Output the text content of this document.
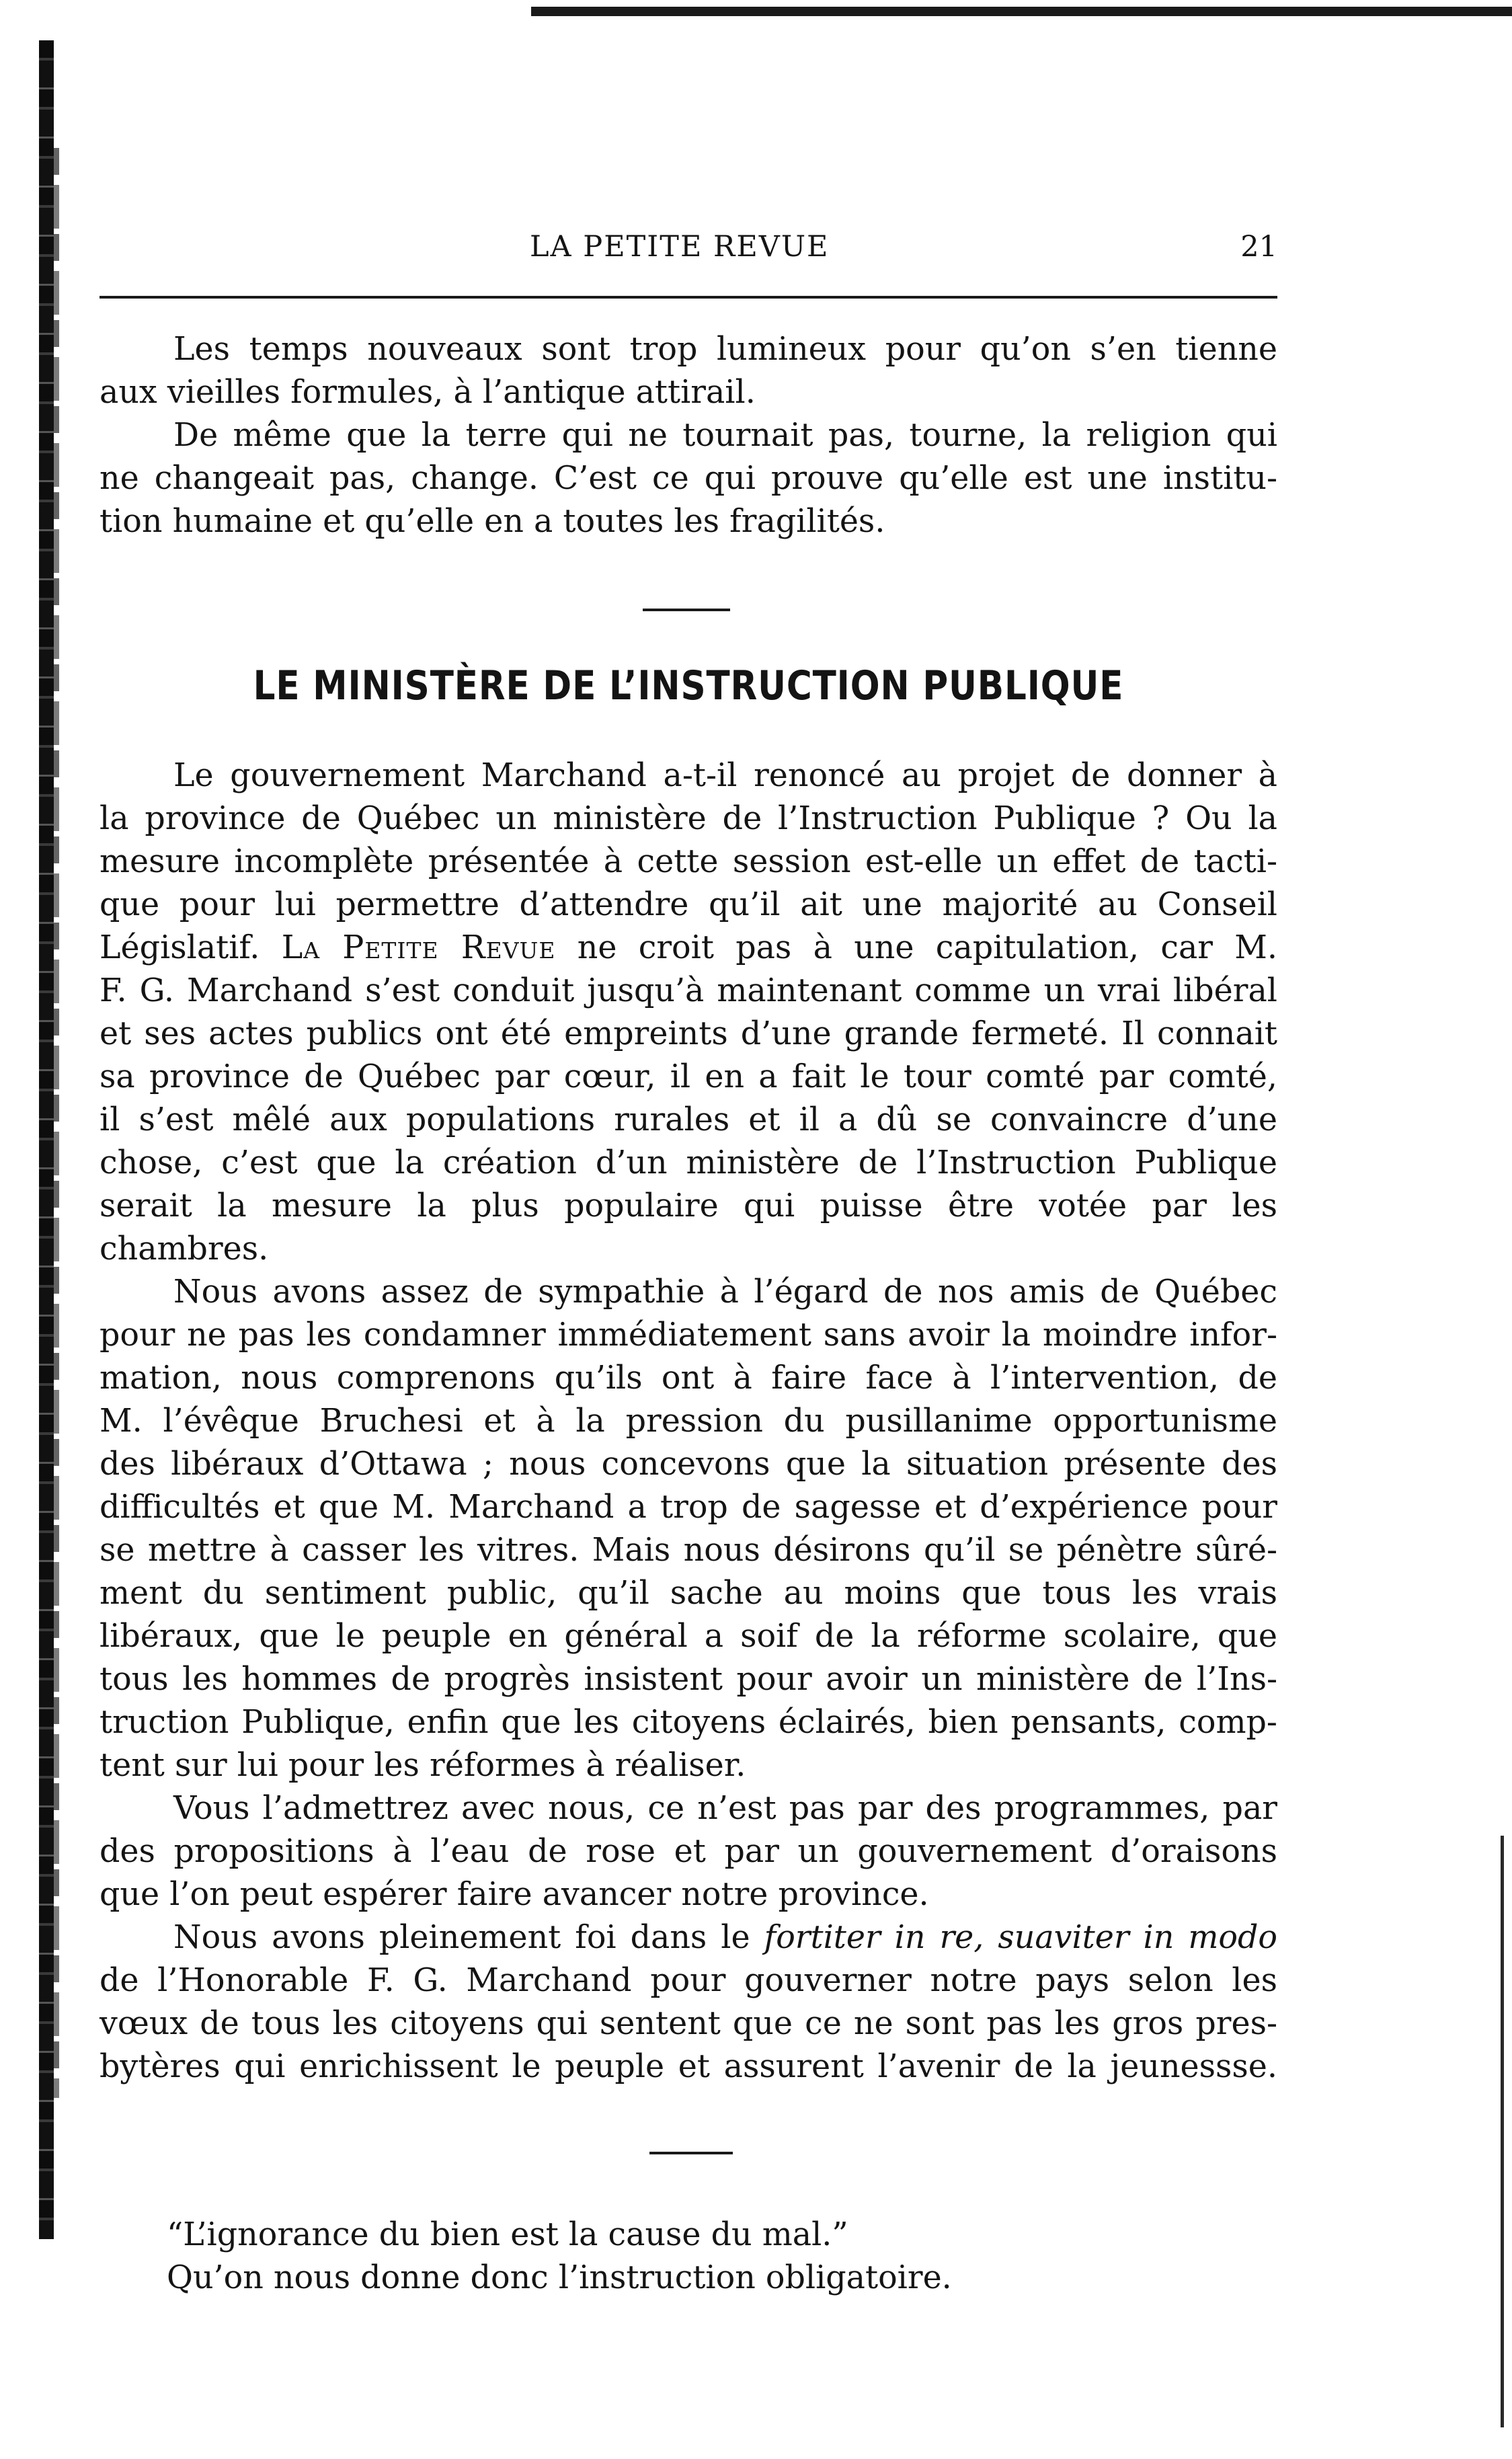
LA PETITE REVUE	21
Les temps nouveaux sont trop lumineux pour qu’on s’en tienne
aux vieilles formules, à l’antique attirail.
De même que la terre qui ne tournait pas, tourne, la religion qui
ne changeait pas, change. C’est ce qui prouve qu’elle est une institu-
tion humaine et qu’elle en a toutes les fragilités.
LE MINISTÈRE DE L’INSTRUCTION PUBLIQUE
Le gouvernement Marchand a-t-il renoncé au projet de donner à
la province de Québec un ministère de l’Instruction Publique ? Ou la
mesure incomplète présentée à cette session est-elle un effet de tacti-
que pour lui permettre d’attendre qu’il ait une majorité au Conseil
Législatif. La Petite Revue ne croit pas à une capitulation, car M.
F. G. Marchand s’est conduit jusqu’à maintenant comme un vrai libéral
et ses actes publics ont été empreints d’une grande fermeté. Il connait
sa province de Québec par cœur, il en a fait le tour comté par comté,
il s’est mêlé aux populations rurales et il a dû se convaincre d’une
chose, c’est que la création d’un ministère de l’Instruction Publique
serait la mesure la plus populaire qui puisse être votée par les
chambres.
Nous avons assez de sympathie à l’égard de nos amis de Québec
pour ne pas les condamner immédiatement sans avoir la moindre infor-
mation, nous comprenons qu’ils ont à faire face à l’intervention, de
M. l’évêque Bruchesi et à la pression du pusillanime opportunisme
des libéraux d’Ottawa ; nous concevons que la situation présente des
difficultés et que M. Marchand a trop de sagesse et d’expérience pour
se mettre à casser les vitres. Mais nous désirons qu’il se pénètre sûré-
ment du sentiment public, qu’il sache au moins que tous les vrais
libéraux, que le peuple en général a soif de la réforme scolaire, que
tous les hommes de progrès insistent pour avoir un ministère de l’Ins-
truction Publique, enfin que les citoyens éclairés, bien pensants, comp-
tent sur lui pour les réformes à réaliser.
Vous l’admettrez avec nous, ce n’est pas par des programmes, par
des propositions à l’eau de rose et par un gouvernement d’oraisons
que l’on peut espérer faire avancer notre province.
Nous avons pleinement foi dans le fortiter in re, suaviter in modo
de l’Honorable F. G. Marchand pour gouverner notre pays selon les
vœux de tous les citoyens qui sentent que ce ne sont pas les gros pres-
bytères qui enrichissent le peuple et assurent l’avenir de la jeunessse.
“L’ignorance du bien est la cause du mal.”
Qu’on nous donne donc l’instruction obligatoire.
